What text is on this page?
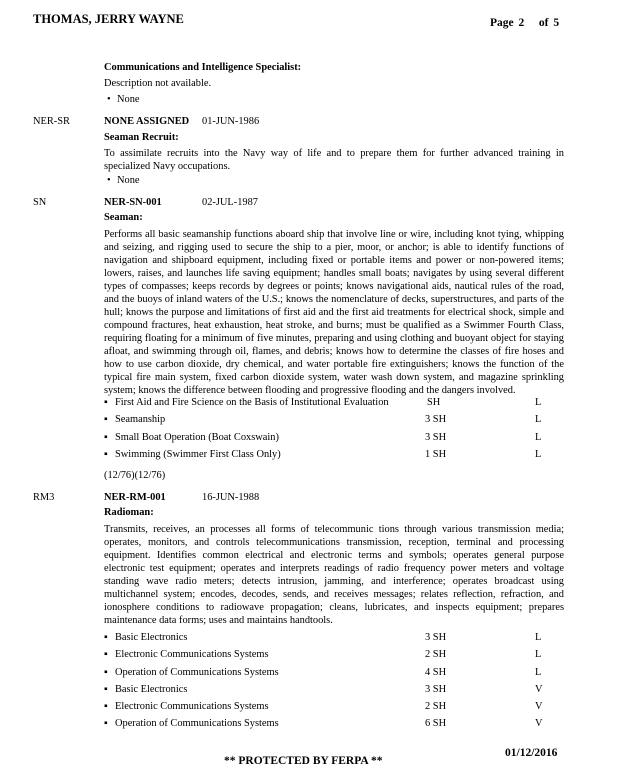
THOMAS, JERRY WAYNE	Page 2 of 5
Communications and Intelligence Specialist:
Description not available.
• None
NER-SR	NONE ASSIGNED 01-JUN-1986
Seaman Recruit:
To assimilate recruits into the Navy way of life and to prepare them for further advanced training in specialized Navy occupations.
• None
SN	NER-SN-001	02-JUL-1987
Seaman:
Performs all basic seamanship functions aboard ship that involve line or wire, including knot tying, whipping and seizing, and rigging used to secure the ship to a pier, moor, or anchor; is able to identify functions of navigation and shipboard equipment, including fixed or portable items and power or non-powered items; lowers, raises, and launches life saving equipment; handles small boats; navigates by using several different types of compasses; keeps records by degrees or points; knows navigational aids, nautical rules of the road, and the buoys of inland waters of the U.S.; knows the nomenclature of decks, superstructures, and parts of the hull; knows the purpose and limitations of first aid and the first aid treatments for electrical shock, simple and compound fractures, heat exhaustion, heat stroke, and burns; must be qualified as a Swimmer Fourth Class, requiring floating for a minimum of five minutes, preparing and using clothing and buoyant object for staying afloat, and swimming through oil, flames, and debris; knows how to determine the classes of fire hoses and how to use carbon dioxide, dry chemical, and water portable fire extinguishers; knows the function of the typical fire main system, fixed carbon dioxide system, water wash down system, and magazine sprinkling system; knows the difference between flooding and progressive flooding and the dangers involved.
▪ First Aid and Fire Science on the Basis of Institutional Evaluation	SH	L
▪ Seamanship	3 SH	L
▪ Small Boat Operation (Boat Coxswain)	3 SH	L
▪ Swimming (Swimmer First Class Only)	1 SH	L
(12/76)(12/76)
RM3	NER-RM-001	16-JUN-1988
Radioman:
Transmits, receives, an processes all forms of telecommunic tions through various transmission media; operates, monitors, and controls telecommunications transmission, reception, terminal and processing equipment. Identifies common electrical and electronic terms and symbols; operates general purpose electronic test equipment; operates and interprets readings of radio frequency power meters and voltage standing wave radio meters; detects intrusion, jamming, and interference; operates broadcast using multichannel system; encodes, decodes, sends, and receives messages; relates reflection, refraction, and ionosphere conditions to radiowave propagation; cleans, lubricates, and inspects equipment; prepares maintenance data forms; uses and maintains handtools.
▪ Basic Electronics	3 SH	L
▪ Electronic Communications Systems	2 SH	L
▪ Operation of Communications Systems	4 SH	L
▪ Basic Electronics	3 SH	V
▪ Electronic Communications Systems	2 SH	V
▪ Operation of Communications Systems	6 SH	V
01/12/2016
** PROTECTED BY FERPA **
